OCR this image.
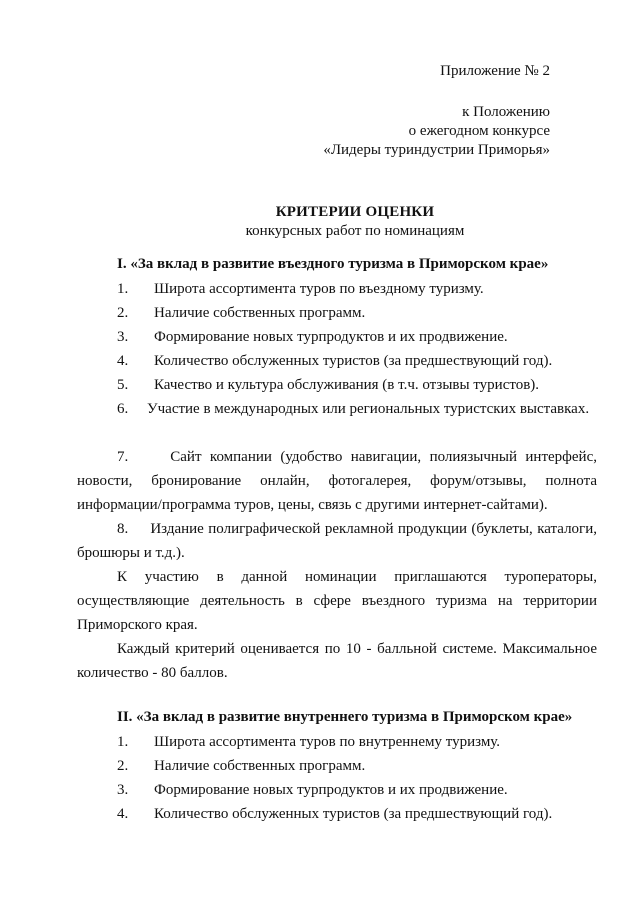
Приложение № 2
к Положению
о ежегодном конкурсе
«Лидеры туриндустрии Приморья»
КРИТЕРИИ ОЦЕНКИ
конкурсных работ по номинациям
I. «За вклад в развитие въездного туризма в Приморском крае»
1. Широта ассортимента туров по въездному туризму.
2. Наличие собственных программ.
3. Формирование новых турпродуктов и их продвижение.
4. Количество обслуженных туристов (за предшествующий год).
5. Качество и культура обслуживания (в т.ч. отзывы туристов).
6.     Участие в международных или региональных туристских выставках.
7.     Сайт компании (удобство навигации, полиязычный интерфейс, новости, бронирование онлайн, фотогалерея, форум/отзывы, полнота информации/программа туров, цены, связь с другими интернет-сайтами).
8.     Издание полиграфической рекламной продукции (буклеты, каталоги, брошюры и т.д.).
К участию в данной номинации приглашаются туроператоры, осуществляющие деятельность в сфере въездного туризма на территории Приморского края.
Каждый критерий оценивается по 10 - балльной системе. Максимальное количество - 80 баллов.
II. «За вклад в развитие внутреннего туризма в Приморском крае»
1. Широта ассортимента туров по внутреннему туризму.
2. Наличие собственных программ.
3. Формирование новых турпродуктов и их продвижение.
4. Количество обслуженных туристов (за предшествующий год).
